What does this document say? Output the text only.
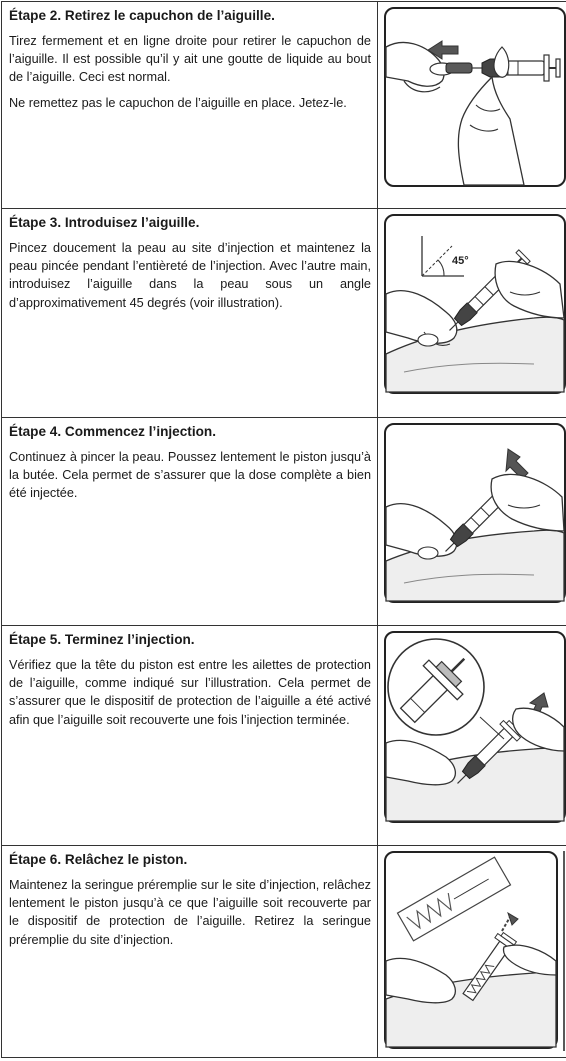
Étape 2. Retirez le capuchon de l’aiguille.

Tirez fermement et en ligne droite pour retirer le capuchon de l’aiguille. Il est possible qu’il y ait une goutte de liquide au bout de l’aiguille. Ceci est normal.

Ne remettez pas le capuchon de l’aiguille en place. Jetez-le.

Étape 3. Introduisez l’aiguille.

Pincez doucement la peau au site d’injection et maintenez la peau pincée pendant l’entièreté de l’injection. Avec l’autre main, introduisez l’aiguille dans la peau sous un angle d’approximativement 45 degrés (voir illustration).	45°

Étape 4. Commencez l’injection.

Continuez à pincer la peau. Poussez lentement le piston jusqu’à la butée. Cela permet de s’assurer que la dose complète a bien été injectée.

Étape 5. Terminez l’injection.

Vérifiez que la tête du piston est entre les ailettes de protection de l’aiguille, comme indiqué sur l’illustration. Cela permet de s’assurer que le dispositif de protection de l’aiguille a été activé afin que l’aiguille soit recouverte une fois l’injection terminée.

Étape 6. Relâchez le piston.

Maintenez la seringue préremplie sur le site d’injection, relâchez lentement le piston jusqu’à ce que l’aiguille soit recouverte par le dispositif de protection de l’aiguille. Retirez la seringue préremplie du site d’injection.
